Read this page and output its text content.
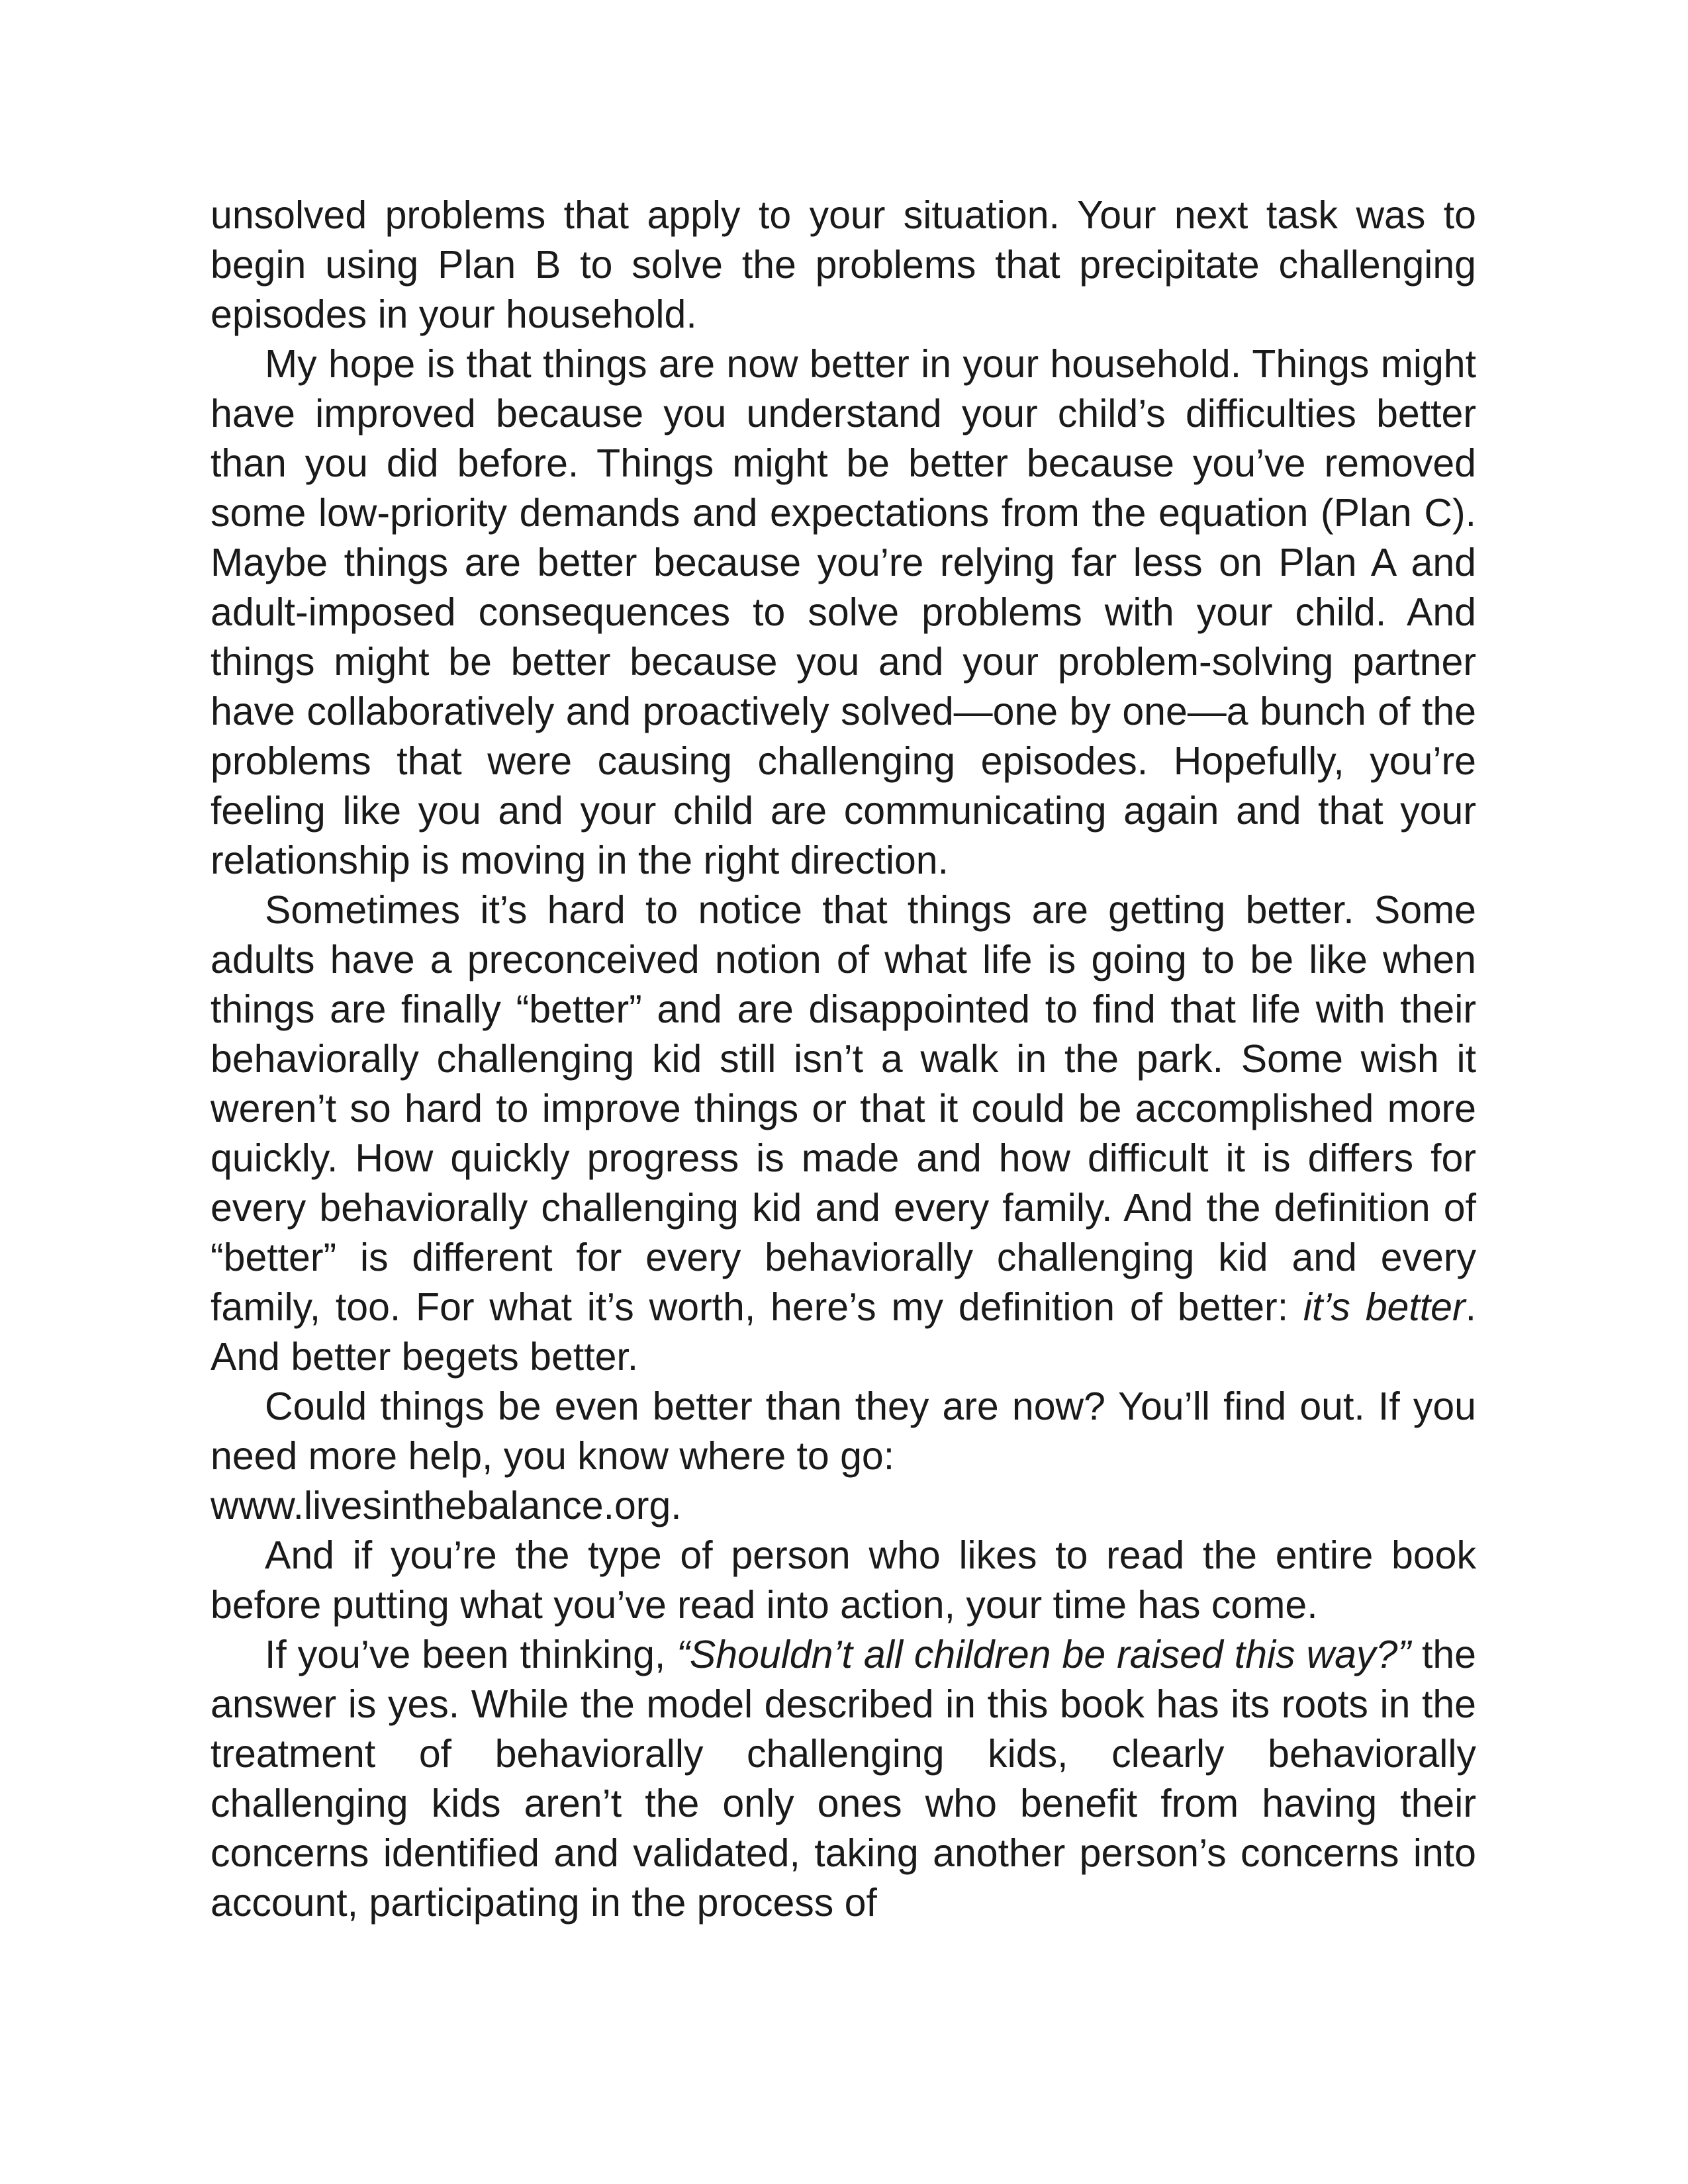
unsolved problems that apply to your situation. Your next task was to begin using Plan B to solve the problems that precipitate challenging episodes in your household.

My hope is that things are now better in your household. Things might have improved because you understand your child’s difficulties better than you did before. Things might be better because you’ve removed some low-priority demands and expectations from the equation (Plan C). Maybe things are better because you’re relying far less on Plan A and adult-imposed consequences to solve problems with your child. And things might be better because you and your problem-solving partner have collaboratively and proactively solved—one by one—a bunch of the problems that were causing challenging episodes. Hopefully, you’re feeling like you and your child are communicating again and that your relationship is moving in the right direction.

Sometimes it’s hard to notice that things are getting better. Some adults have a preconceived notion of what life is going to be like when things are finally “better” and are disappointed to find that life with their behaviorally challenging kid still isn’t a walk in the park. Some wish it weren’t so hard to improve things or that it could be accomplished more quickly. How quickly progress is made and how difficult it is differs for every behaviorally challenging kid and every family. And the definition of “better” is different for every behaviorally challenging kid and every family, too. For what it’s worth, here’s my definition of better: it’s better. And better begets better.

Could things be even better than they are now? You’ll find out. If you need more help, you know where to go:
www.livesinthebalance.org.

And if you’re the type of person who likes to read the entire book before putting what you’ve read into action, your time has come.

If you’ve been thinking, “Shouldn’t all children be raised this way?” the answer is yes. While the model described in this book has its roots in the treatment of behaviorally challenging kids, clearly behaviorally challenging kids aren’t the only ones who benefit from having their concerns identified and validated, taking another person’s concerns into account, participating in the process of
